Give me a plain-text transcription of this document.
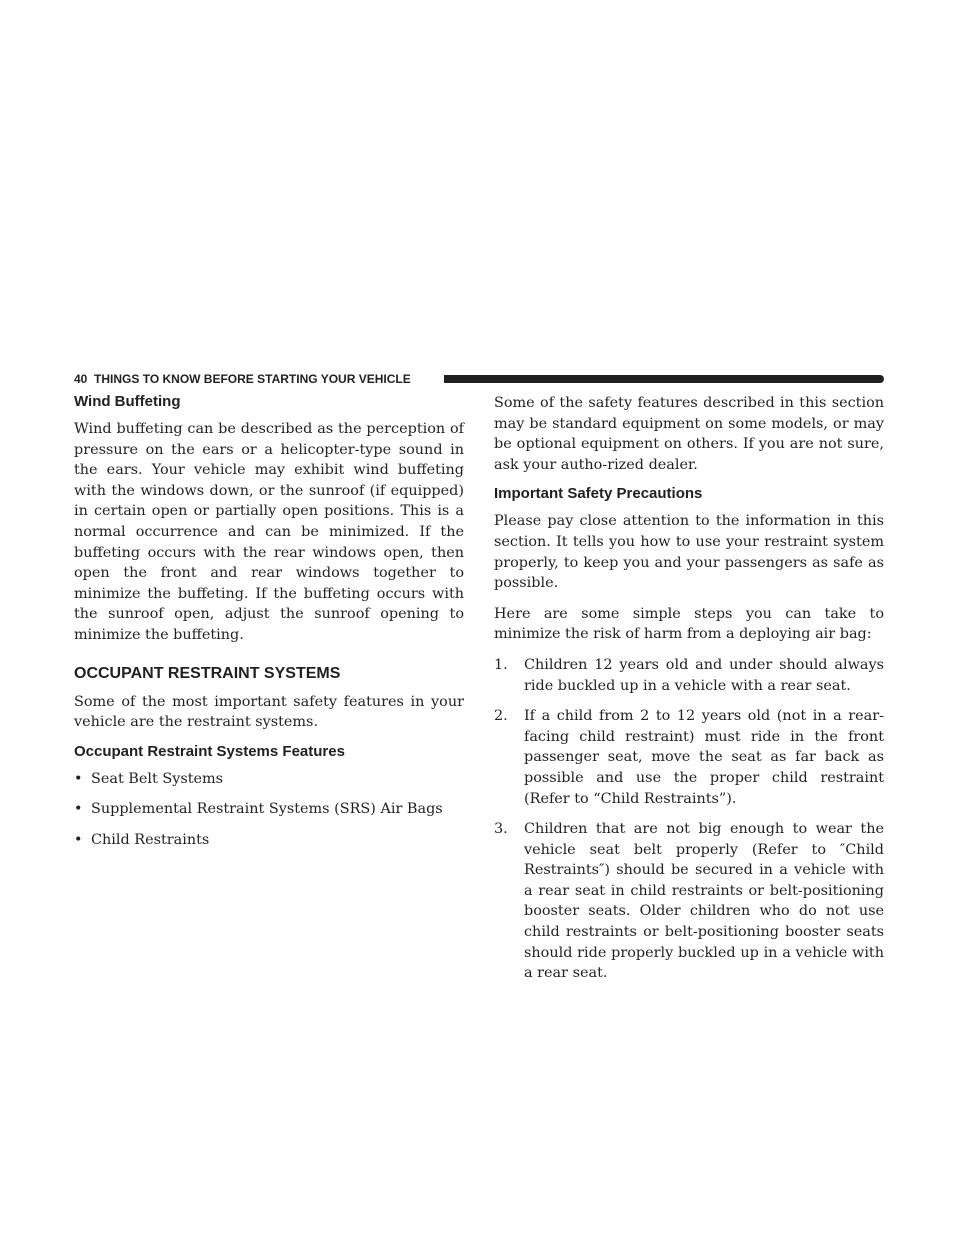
40 THINGS TO KNOW BEFORE STARTING YOUR VEHICLE
Wind Buffeting

Wind buffeting can be described as the perception of pressure on the ears or a helicopter-type sound in the ears. Your vehicle may exhibit wind buffeting with the windows down, or the sunroof (if equipped) in certain open or partially open positions. This is a normal occurrence and can be minimized. If the buffeting occurs with the rear windows open, then open the front and rear windows together to minimize the buffeting. If the buffeting occurs with the sunroof open, adjust the sunroof opening to minimize the buffeting.

OCCUPANT RESTRAINT SYSTEMS

Some of the most important safety features in your vehicle are the restraint systems.

Occupant Restraint Systems Features
• Seat Belt Systems
• Supplemental Restraint Systems (SRS) Air Bags
• Child Restraints

Some of the safety features described in this section may be standard equipment on some models, or may be optional equipment on others. If you are not sure, ask your autho-rized dealer.

Important Safety Precautions

Please pay close attention to the information in this section. It tells you how to use your restraint system properly, to keep you and your passengers as safe as possible.

Here are some simple steps you can take to minimize the risk of harm from a deploying air bag:

1. Children 12 years old and under should always ride buckled up in a vehicle with a rear seat.
2. If a child from 2 to 12 years old (not in a rear-facing child restraint) must ride in the front passenger seat, move the seat as far back as possible and use the proper child restraint (Refer to “Child Restraints”).
3. Children that are not big enough to wear the vehicle seat belt properly (Refer to ″Child Restraints″) should be secured in a vehicle with a rear seat in child restraints or belt-positioning booster seats. Older children who do not use child restraints or belt-positioning booster seats should ride properly buckled up in a vehicle with a rear seat.
